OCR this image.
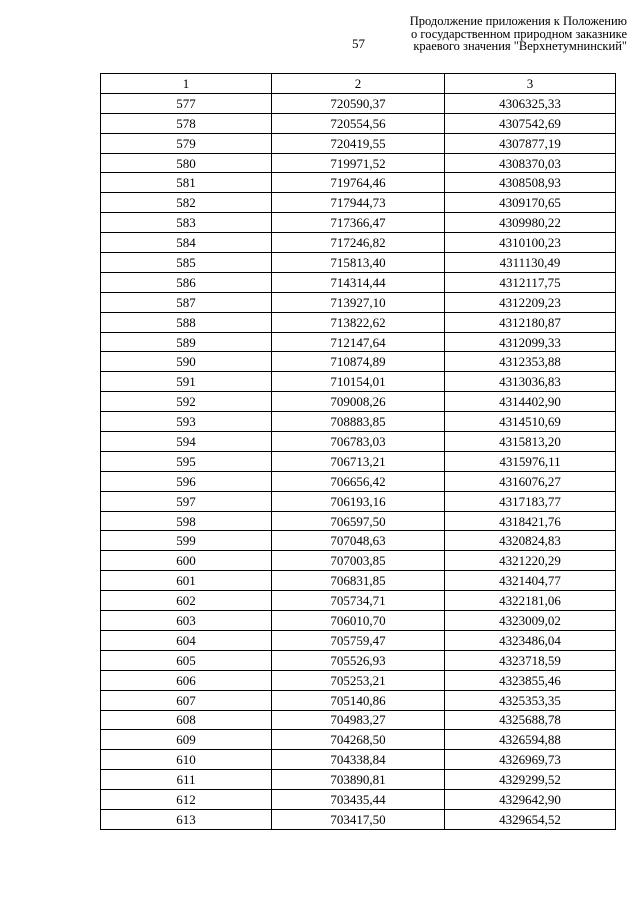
57
Продолжение приложения к Положению
о государственном природном заказнике
краевого значения "Верхнетумнинский"
1	2	3
577	720590,37	4306325,33
578	720554,56	4307542,69
579	720419,55	4307877,19
580	719971,52	4308370,03
581	719764,46	4308508,93
582	717944,73	4309170,65
583	717366,47	4309980,22
584	717246,82	4310100,23
585	715813,40	4311130,49
586	714314,44	4312117,75
587	713927,10	4312209,23
588	713822,62	4312180,87
589	712147,64	4312099,33
590	710874,89	4312353,88
591	710154,01	4313036,83
592	709008,26	4314402,90
593	708883,85	4314510,69
594	706783,03	4315813,20
595	706713,21	4315976,11
596	706656,42	4316076,27
597	706193,16	4317183,77
598	706597,50	4318421,76
599	707048,63	4320824,83
600	707003,85	4321220,29
601	706831,85	4321404,77
602	705734,71	4322181,06
603	706010,70	4323009,02
604	705759,47	4323486,04
605	705526,93	4323718,59
606	705253,21	4323855,46
607	705140,86	4325353,35
608	704983,27	4325688,78
609	704268,50	4326594,88
610	704338,84	4326969,73
611	703890,81	4329299,52
612	703435,44	4329642,90
613	703417,50	4329654,52
